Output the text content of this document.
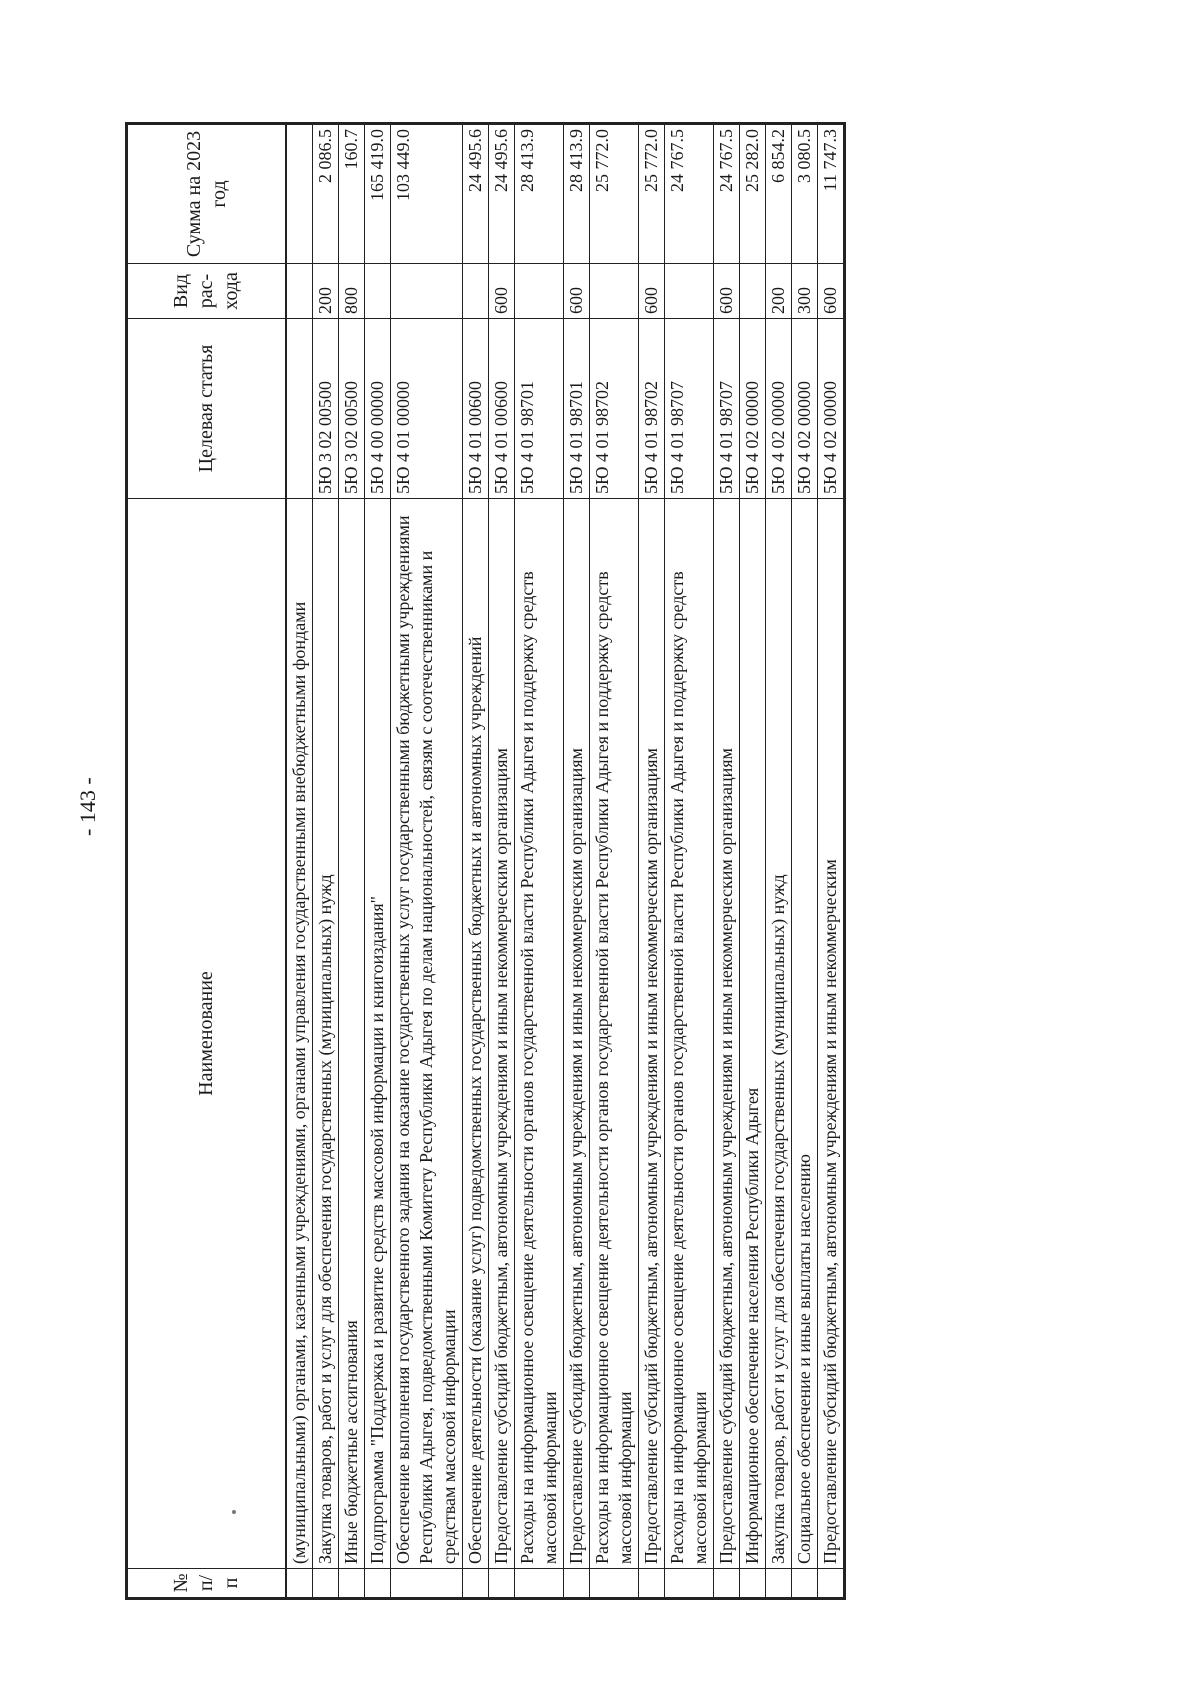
- 143 -
№ п/п	Наименование	Целевая статья	Вид рас- хода	Сумма на 2023 год
	(муниципальными) органами, казенными учреждениями, органами управления государственными внебюджетными фондами			
	Закупка товаров, работ и услуг для обеспечения государственных (муниципальных) нужд	5Ю 3 02 00500	200	2 086.5
	Иные бюджетные ассигнования	5Ю 3 02 00500	800	160.7
	Подпрограмма "Поддержка и развитие средств массовой информации и книгоиздания"	5Ю 4 00 00000		165 419.0
	Обеспечение выполнения государственного задания на оказание государственных услуг государственными бюджетными учреждениями Республики Адыгея, подведомственными Комитету Республики Адыгея по делам национальностей, связям с соотечественниками и средствам массовой информации	5Ю 4 01 00000		103 449.0
	Обеспечение деятельности (оказание услуг) подведомственных государственных бюджетных и автономных учреждений	5Ю 4 01 00600		24 495.6
	Предоставление субсидий бюджетным, автономным учреждениям и иным некоммерческим организациям	5Ю 4 01 00600	600	24 495.6
	Расходы на информационное освещение деятельности органов государственной власти Республики Адыгея и поддержку средств массовой информации	5Ю 4 01 98701		28 413.9
	Предоставление субсидий бюджетным, автономным учреждениям и иным некоммерческим организациям	5Ю 4 01 98701	600	28 413.9
	Расходы на информационное освещение деятельности органов государственной власти Республики Адыгея и поддержку средств массовой информации	5Ю 4 01 98702		25 772.0
	Предоставление субсидий бюджетным, автономным учреждениям и иным некоммерческим организациям	5Ю 4 01 98702	600	25 772.0
	Расходы на информационное освещение деятельности органов государственной власти Республики Адыгея и поддержку средств массовой информации	5Ю 4 01 98707		24 767.5
	Предоставление субсидий бюджетным, автономным учреждениям и иным некоммерческим организациям	5Ю 4 01 98707	600	24 767.5
	Информационное обеспечение населения Республики Адыгея	5Ю 4 02 00000		25 282.0
	Закупка товаров, работ и услуг для обеспечения государственных (муниципальных) нужд	5Ю 4 02 00000	200	6 854.2
	Социальное обеспечение и иные выплаты населению	5Ю 4 02 00000	300	3 080.5
	Предоставление субсидий бюджетным, автономным учреждениям и иным некоммерческим	5Ю 4 02 00000	600	11 747.3
